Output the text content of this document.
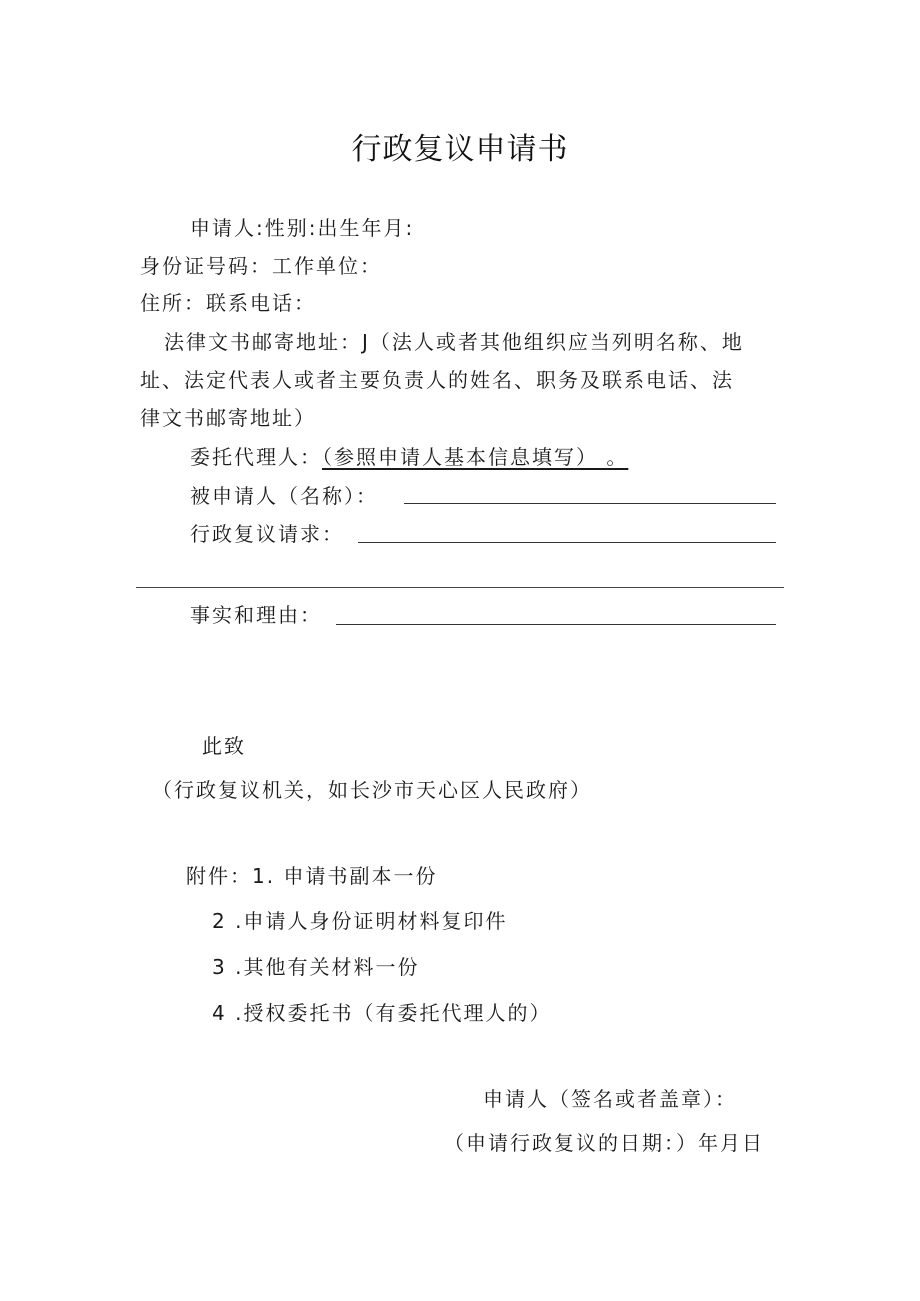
行政复议申请书
申请人:性别:出生年月:
身份证号码：工作单位：
住所：联系电话：
法律文书邮寄地址：J（法人或者其他组织应当列明名称、地
址、法定代表人或者主要负责人的姓名、职务及联系电话、法
律文书邮寄地址）
委托代理人：（参照申请人基本信息填写） 。
被申请人（名称）：
行政复议请求：
事实和理由：
此致
（行政复议机关，如长沙市天心区人民政府）
附件：1. 申请书副本一份
2 .申请人身份证明材料复印件
3 .其他有关材料一份
4 .授权委托书（有委托代理人的）
申请人（签名或者盖章）：
（申请行政复议的日期：）年月日
